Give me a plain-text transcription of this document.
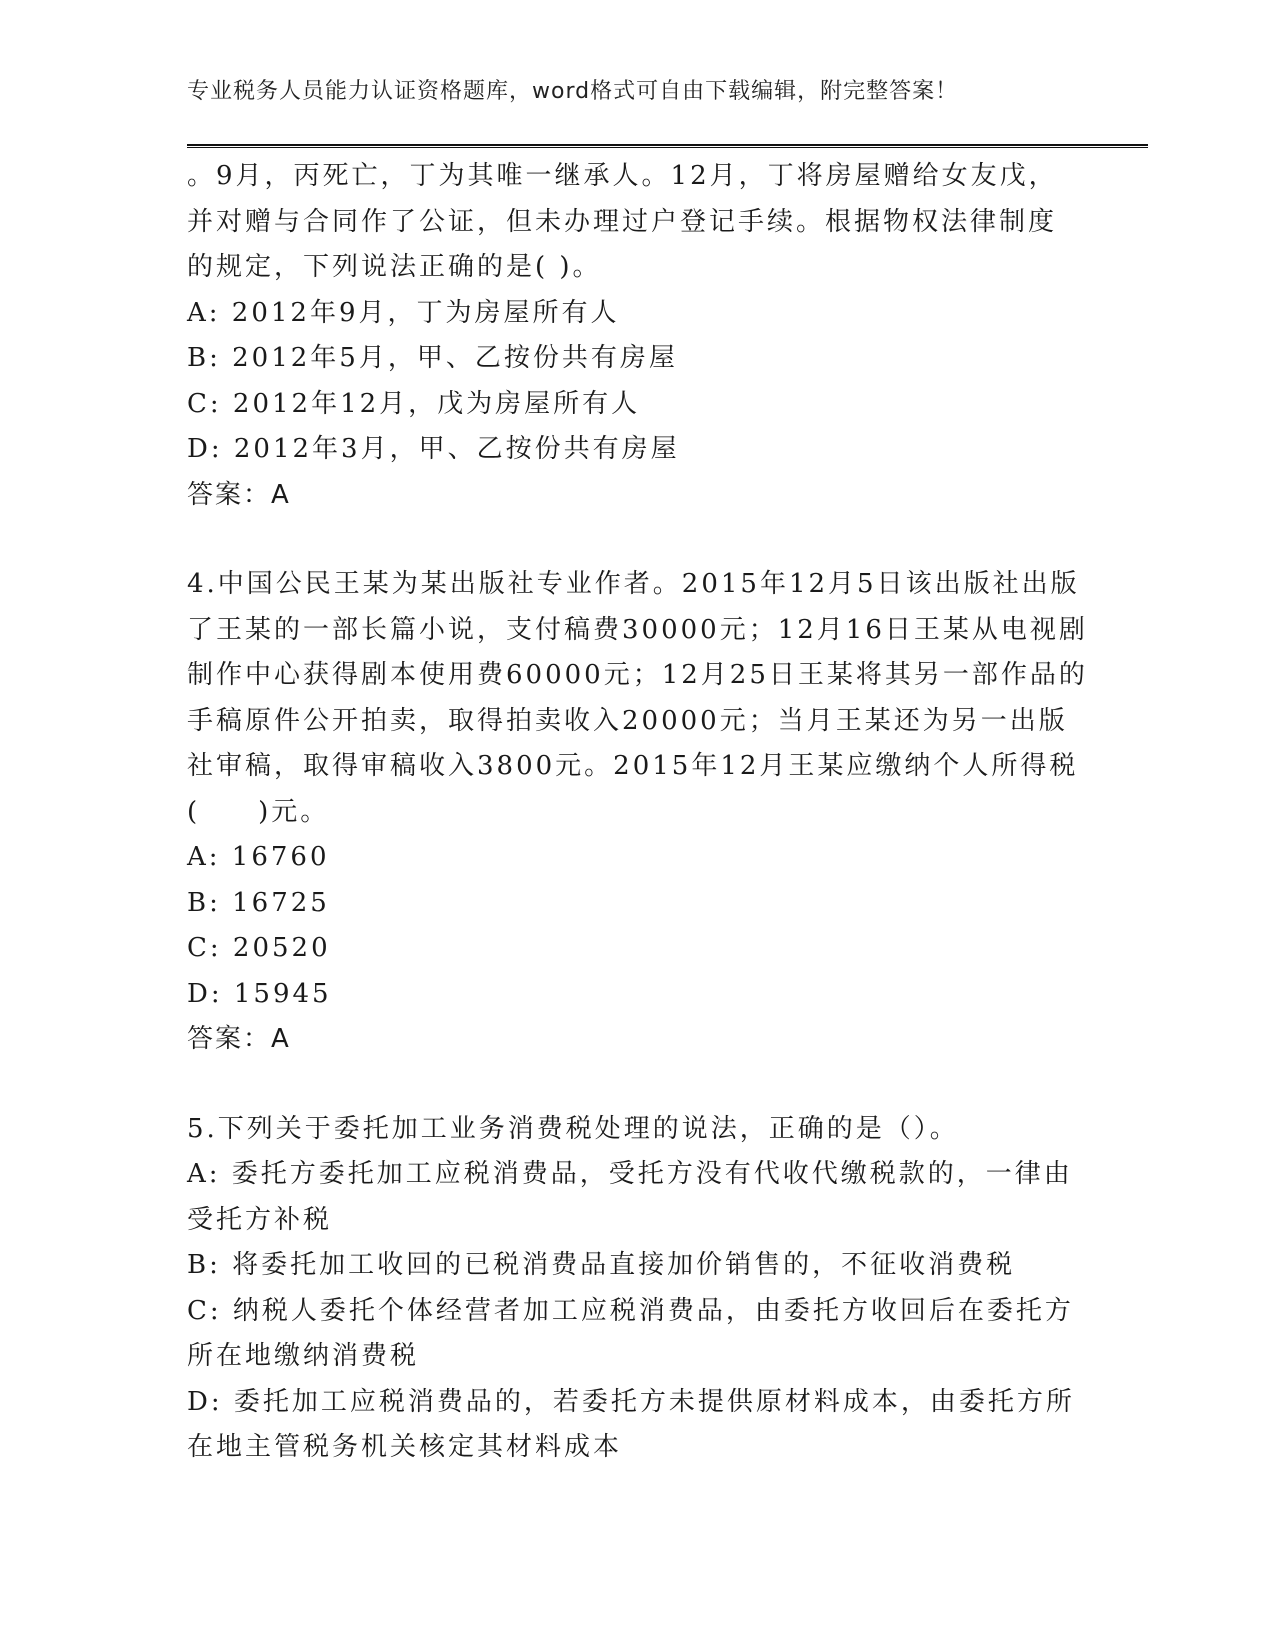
专业税务人员能力认证资格题库，word格式可自由下载编辑，附完整答案！
。9月，丙死亡，丁为其唯一继承人。12月，丁将房屋赠给女友戊，
并对赠与合同作了公证，但未办理过户登记手续。根据物权法律制度
的规定，下列说法正确的是( )。
A: 2012年9月，丁为房屋所有人
B: 2012年5月，甲、乙按份共有房屋
C: 2012年12月，戊为房屋所有人
D: 2012年3月，甲、乙按份共有房屋
答案：A
4.中国公民王某为某出版社专业作者。2015年12月5日该出版社出版
了王某的一部长篇小说，支付稿费30000元；12月16日王某从电视剧
制作中心获得剧本使用费60000元；12月25日王某将其另一部作品的
手稿原件公开拍卖，取得拍卖收入20000元；当月王某还为另一出版
社审稿，取得审稿收入3800元。2015年12月王某应缴纳个人所得税
(　　)元。
A: 16760
B: 16725
C: 20520
D: 15945
答案：A
5.下列关于委托加工业务消费税处理的说法，正确的是（）。
A: 委托方委托加工应税消费品，受托方没有代收代缴税款的，一律由
受托方补税
B: 将委托加工收回的已税消费品直接加价销售的，不征收消费税
C: 纳税人委托个体经营者加工应税消费品，由委托方收回后在委托方
所在地缴纳消费税
D: 委托加工应税消费品的，若委托方未提供原材料成本，由委托方所
在地主管税务机关核定其材料成本
